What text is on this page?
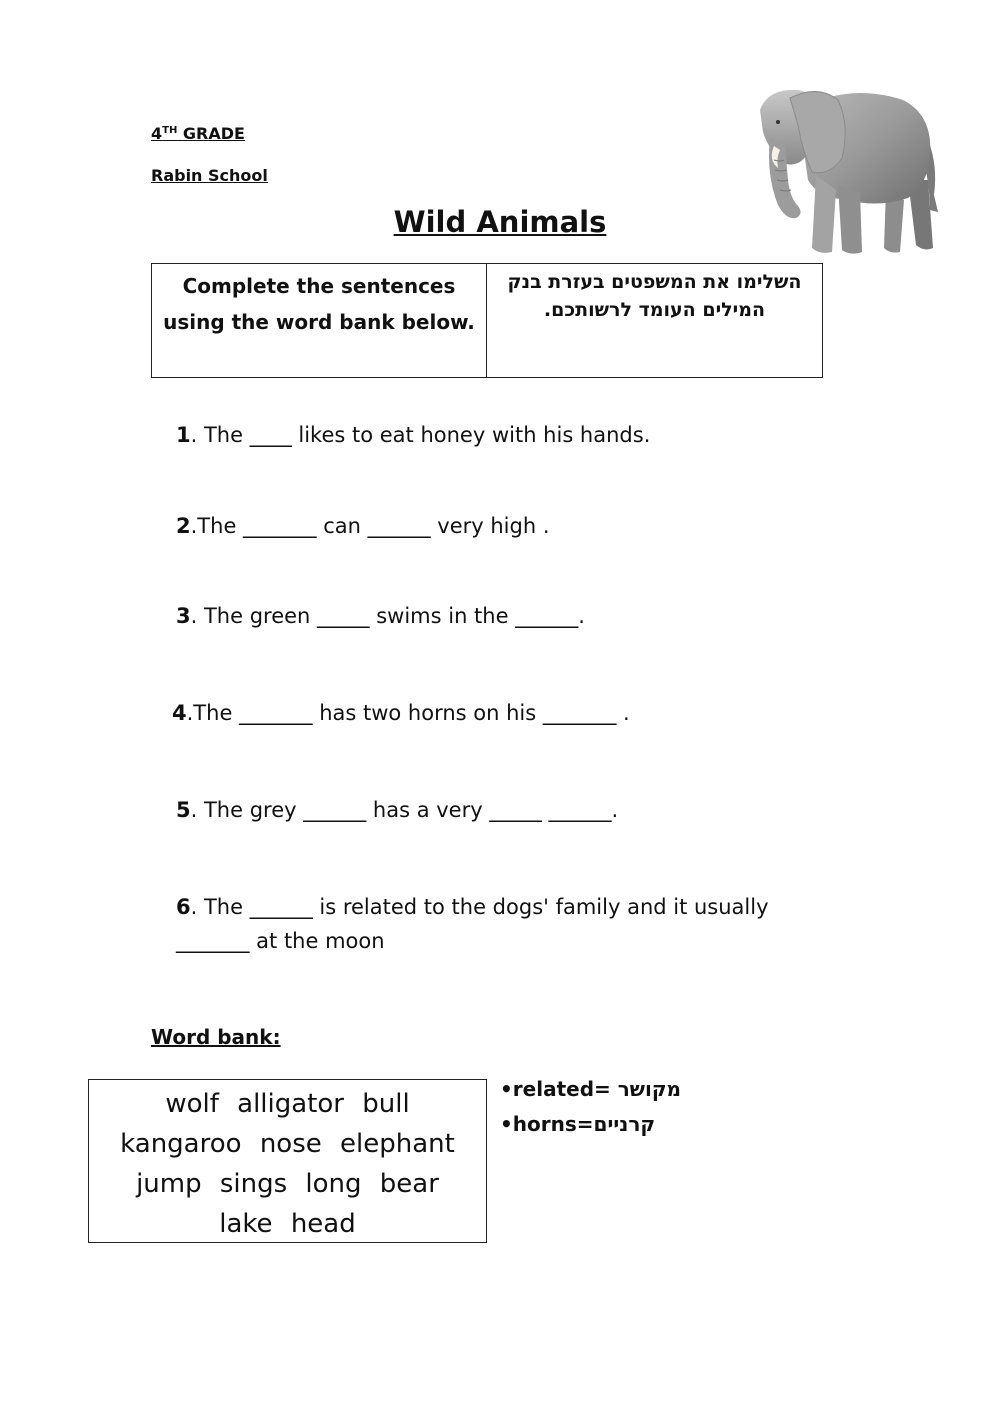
4TH GRADE
Rabin School
Wild Animals
Complete the sentences using the word bank below.
השלימו את המשפטים בעזרת בנק המילים העומד לרשותכם.
1. The ____ likes to eat honey with his hands.
2.The _______ can ______ very high .
3. The green _____ swims in the ______.
4.The _______ has two horns on his _______ .
5. The grey ______ has a very _____ ______.
6. The ______ is related to the dogs' family and it usually _______ at the moon
Word bank:
wolf alligator bull
kangaroo nose elephant
jump sings long bear
lake head
•related= מקושר
•horns=קרניים
